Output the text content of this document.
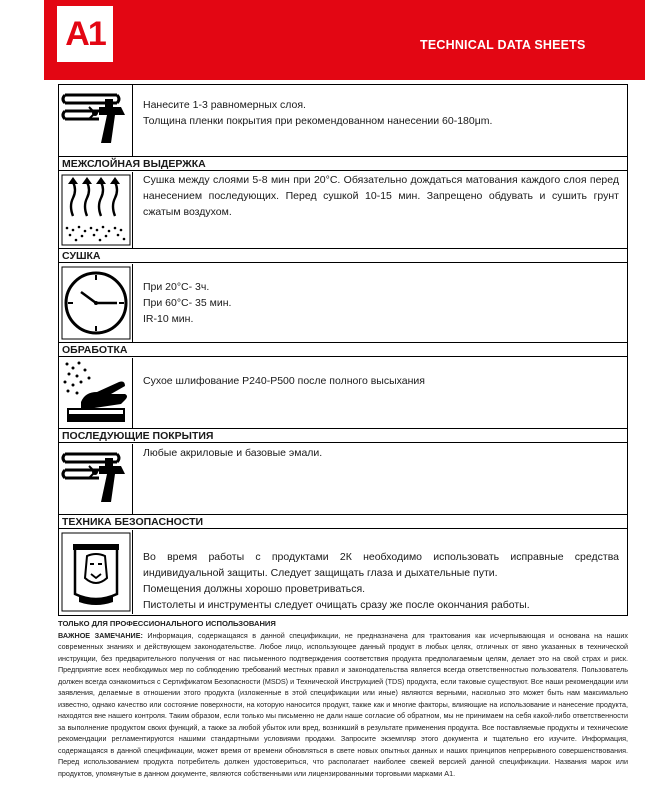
A1	TECHNICAL DATA SHEETS
Нанесите 1-3 равномерных слоя.
Толщина пленки покрытия при рекомендованном нанесении 60-180μm.
МЕЖСЛОЙНАЯ ВЫДЕРЖКА
Сушка между слоями 5-8 мин при 20°C. Обязательно дождаться матования каждого слоя перед нанесением последующих. Перед сушкой 10-15 мин. Запрещено обдувать и сушить грунт сжатым воздухом.
СУШКА
При 20°С- 3ч.
При 60°С- 35 мин.
IR-10 мин.
ОБРАБОТКА
Сухое шлифование Р240-Р500 после полного высыхания
ПОСЛЕДУЮЩИЕ ПОКРЫТИЯ
Любые акриловые и базовые эмали.
ТЕХНИКА БЕЗОПАСНОСТИ
Во время работы с продуктами 2К необходимо использовать исправные средства индивидуальной защиты. Следует защищать глаза и дыхательные пути.
Помещения должны хорошо проветриваться.
Пистолеты и инструменты следует очищать сразу же после окончания работы.
ТОЛЬКО ДЛЯ ПРОФЕССИОНАЛЬНОГО ИСПОЛЬЗОВАНИЯ
ВАЖНОЕ ЗАМЕЧАНИЕ: Информация, содержащаяся в данной спецификации, не предназначена для трактования как исчерпывающая и основана на наших современных знаниях и действующем законодательстве. Любое лицо, использующее данный продукт в любых целях, отличных от явно указанных в технической инструкции, без предварительного получения от нас письменного подтверждения соответствия продукта предполагаемым целям, делает это на свой страх и риск. Предприятие всех необходимых мер по соблюдению требований местных правил и законодательства является всегда ответственностью пользователя. Пользователь должен всегда ознакомиться с Сертификатом Безопасности (MSDS) и Технической Инструкцией (TDS) продукта, если таковые существуют. Все наши рекомендации или заявления, делаемые в отношении этого продукта (изложенные в этой спецификации или иные) являются верными, насколько это может быть нам максимально известно, однако качество или состояние поверхности, на которую наносится продукт, также как и многие факторы, влияющие на использование и нанесение продукта, находятся вне нашего контроля. Таким образом, если только мы письменно не дали наше согласие об обратном, мы не принимаем на себя какой-либо ответственности за выполнение продуктом своих функций, а также за любой убыток или вред, возникший в результате применения продукта. Все поставляемые продукты и технические рекомендации регламентируются нашими стандартными условиями продажи. Запросите экземпляр этого документа и тщательно его изучите. Информация, содержащаяся в данной спецификации, может время от времени обновляться в свете новых опытных данных и наших принципов непрерывного совершенствования. Перед использованием продукта потребитель должен удостовериться, что располагает наиболее свежей версией данной спецификации. Названия марок или продуктов, упомянутые в данном документе, являются собственными или лицензированными торговыми марками А1.
